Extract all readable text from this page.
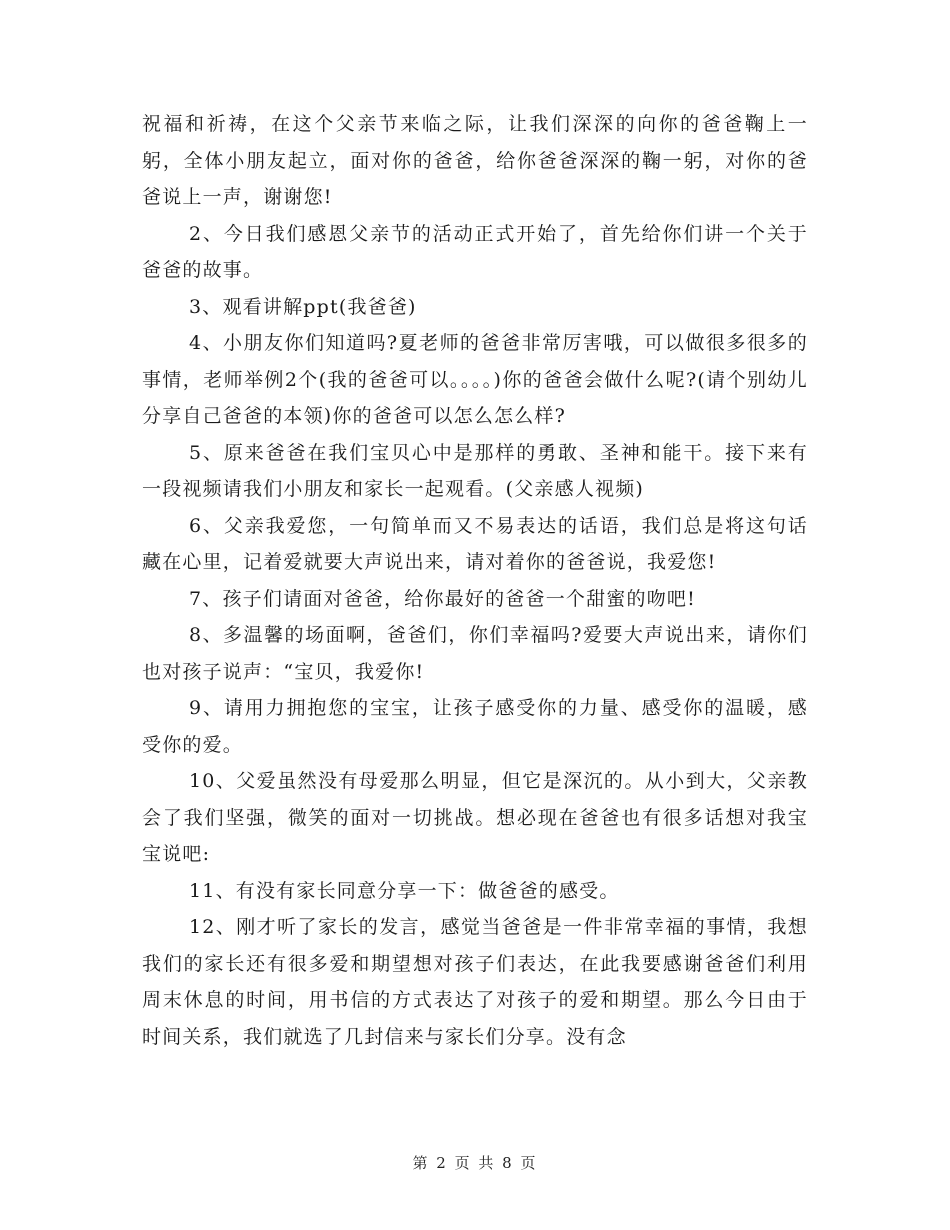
祝福和祈祷，在这个父亲节来临之际，让我们深深的向你的爸爸鞠上一躬，全体小朋友起立，面对你的爸爸，给你爸爸深深的鞠一躬，对你的爸爸说上一声，谢谢您!

2、今日我们感恩父亲节的活动正式开始了，首先给你们讲一个关于爸爸的故事。

3、观看讲解ppt(我爸爸)

4、小朋友你们知道吗?夏老师的爸爸非常厉害哦，可以做很多很多的事情，老师举例2个(我的爸爸可以。。。。)你的爸爸会做什么呢?(请个别幼儿分享自己爸爸的本领)你的爸爸可以怎么怎么样?

5、原来爸爸在我们宝贝心中是那样的勇敢、圣神和能干。接下来有一段视频请我们小朋友和家长一起观看。(父亲感人视频)

6、父亲我爱您，一句简单而又不易表达的话语，我们总是将这句话藏在心里，记着爱就要大声说出来，请对着你的爸爸说，我爱您!

7、孩子们请面对爸爸，给你最好的爸爸一个甜蜜的吻吧!

8、多温馨的场面啊，爸爸们，你们幸福吗?爱要大声说出来，请你们也对孩子说声：“宝贝，我爱你!

9、请用力拥抱您的宝宝，让孩子感受你的力量、感受你的温暖，感受你的爱。

10、父爱虽然没有母爱那么明显，但它是深沉的。从小到大，父亲教会了我们坚强，微笑的面对一切挑战。想必现在爸爸也有很多话想对我宝宝说吧:

11、有没有家长同意分享一下：做爸爸的感受。

12、刚才听了家长的发言，感觉当爸爸是一件非常幸福的事情，我想我们的家长还有很多爱和期望想对孩子们表达，在此我要感谢爸爸们利用周末休息的时间，用书信的方式表达了对孩子的爱和期望。那么今日由于时间关系，我们就选了几封信来与家长们分享。没有念

第 2 页 共 8 页
